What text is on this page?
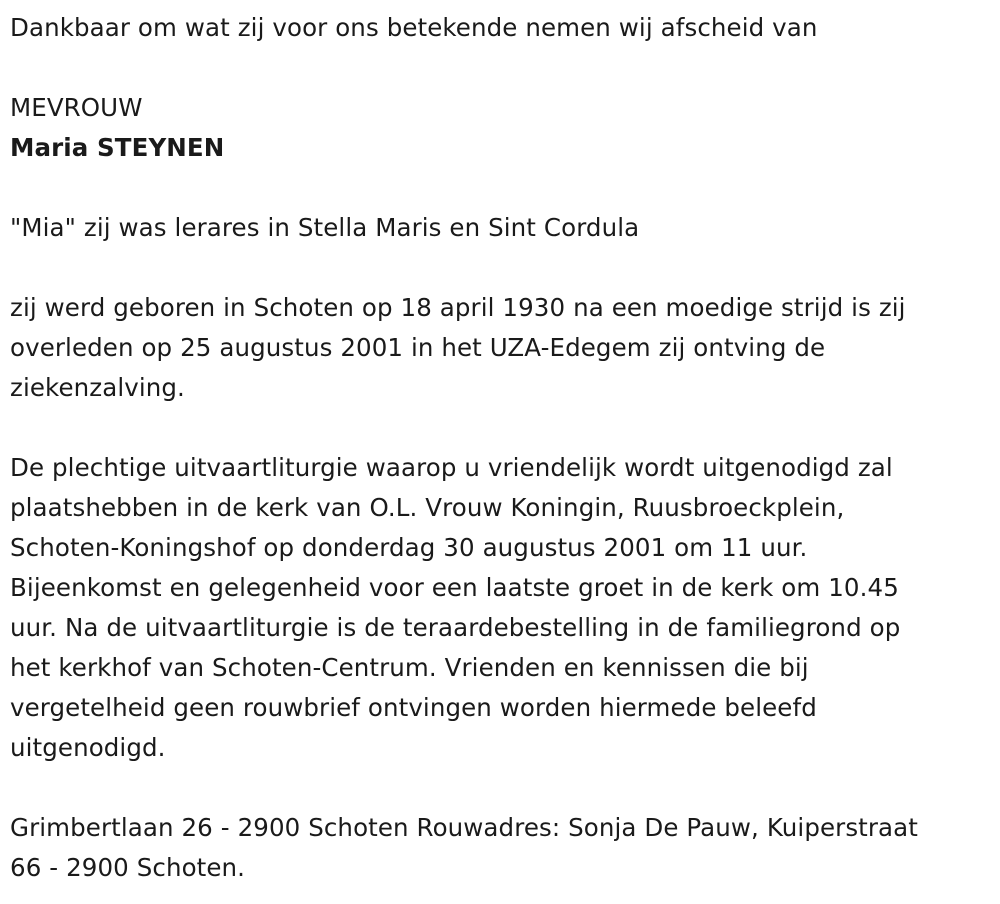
Dankbaar om wat zij voor ons betekende nemen wij afscheid van

MEVROUW

Maria STEYNEN

"Mia" zij was lerares in Stella Maris en Sint Cordula

zij werd geboren in Schoten op 18 april 1930 na een moedige strijd is zij

overleden op 25 augustus 2001 in het UZA-Edegem zij ontving de

ziekenzalving.

De plechtige uitvaartliturgie waarop u vriendelijk wordt uitgenodigd zal

plaatshebben in de kerk van O.L. Vrouw Koningin, Ruusbroeckplein,

Schoten-Koningshof op donderdag 30 augustus 2001 om 11 uur.

Bijeenkomst en gelegenheid voor een laatste groet in de kerk om 10.45

uur. Na de uitvaartliturgie is de teraardebestelling in de familiegrond op

het kerkhof van Schoten-Centrum. Vrienden en kennissen die bij

vergetelheid geen rouwbrief ontvingen worden hiermede beleefd

uitgenodigd.

Grimbertlaan 26 - 2900 Schoten Rouwadres: Sonja De Pauw, Kuiperstraat

66 - 2900 Schoten.
